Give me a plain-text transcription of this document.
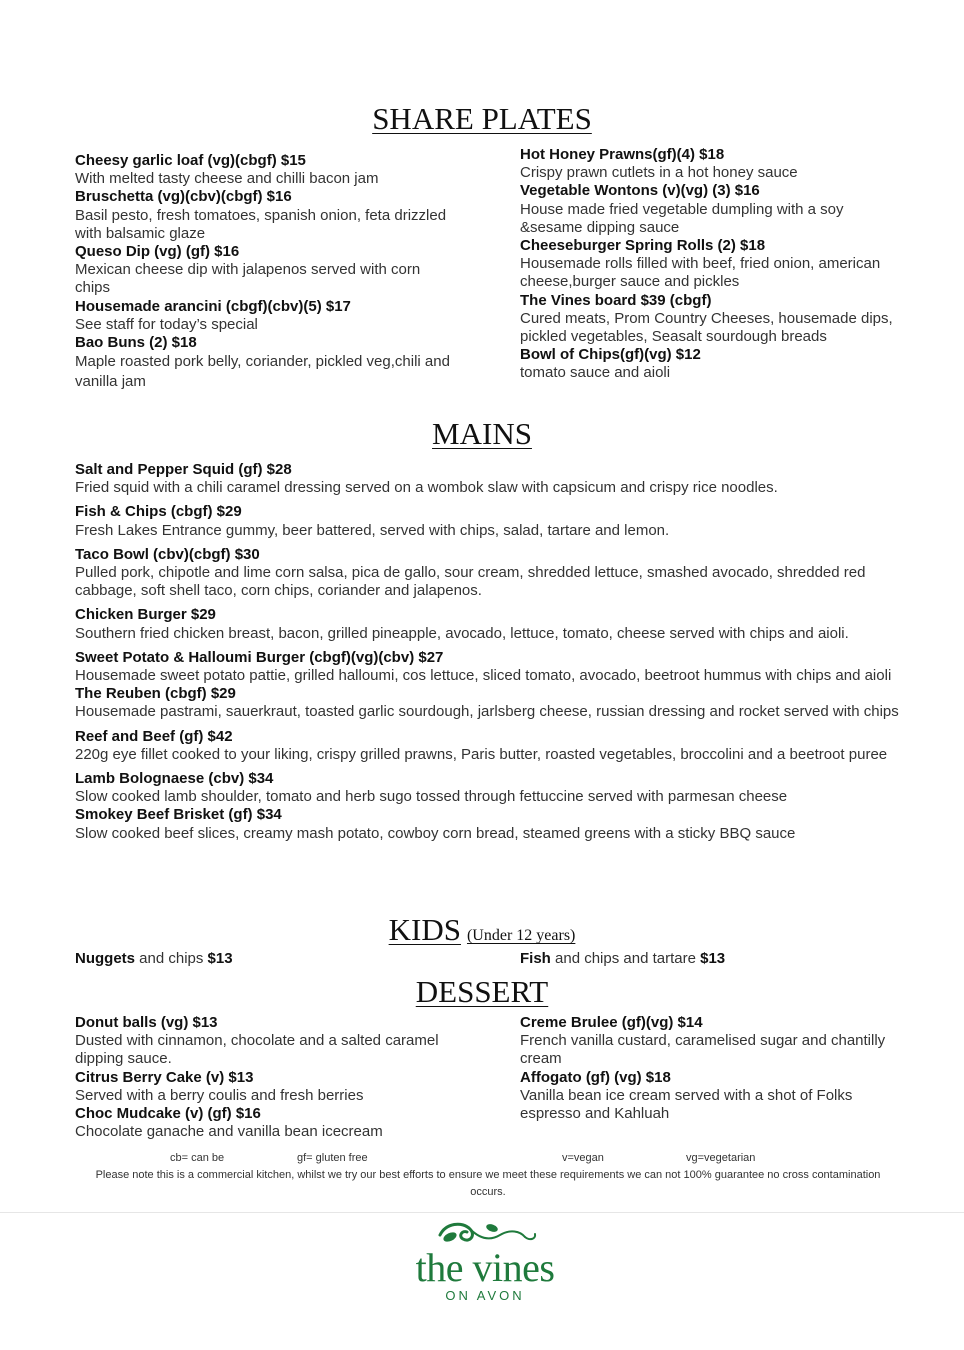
SHARE PLATES
Cheesy garlic loaf (vg)(cbgf) $15
With melted tasty cheese and chilli bacon jam
Bruschetta (vg)(cbv)(cbgf) $16
Basil pesto, fresh tomatoes, spanish onion, feta drizzled with balsamic glaze
Queso Dip (vg) (gf) $16
Mexican cheese dip with jalapenos served with corn chips
Housemade arancini (cbgf)(cbv)(5) $17
See staff for today’s special
Bao Buns (2) $18
Maple roasted pork belly, coriander, pickled veg,chili and vanilla jam
Hot Honey Prawns(gf)(4) $18
Crispy prawn cutlets in a hot honey sauce
Vegetable Wontons (v)(vg) (3) $16
House made fried vegetable dumpling with a soy &sesame dipping sauce
Cheeseburger Spring Rolls (2) $18
Housemade rolls filled with beef, fried onion, american cheese,burger sauce and pickles
The Vines board $39 (cbgf)
Cured meats, Prom Country Cheeses, housemade dips, pickled vegetables, Seasalt sourdough breads
Bowl of Chips(gf)(vg) $12
tomato sauce and aioli
MAINS
Salt and Pepper Squid (gf) $28
Fried squid with a chili caramel dressing served on a wombok slaw with capsicum and crispy rice noodles.
Fish & Chips (cbgf) $29
Fresh Lakes Entrance gummy, beer battered, served with chips, salad, tartare and lemon.
Taco Bowl (cbv)(cbgf) $30
Pulled pork, chipotle and lime corn salsa, pica de gallo, sour cream, shredded lettuce, smashed avocado, shredded red cabbage, soft shell taco, corn chips, coriander and jalapenos.
Chicken Burger $29
Southern fried chicken breast, bacon, grilled pineapple, avocado, lettuce, tomato, cheese served with chips and aioli.
Sweet Potato & Halloumi Burger (cbgf)(vg)(cbv) $27
Housemade sweet potato pattie, grilled halloumi, cos lettuce, sliced tomato, avocado, beetroot hummus with chips and aioli
The Reuben (cbgf) $29
Housemade pastrami, sauerkraut, toasted garlic sourdough, jarlsberg cheese, russian dressing and rocket served with chips
Reef and Beef (gf) $42
220g eye fillet cooked to your liking, crispy grilled prawns, Paris butter, roasted vegetables, broccolini and a beetroot puree
Lamb Bolognaese (cbv) $34
Slow cooked lamb shoulder, tomato and herb sugo tossed through fettuccine served with parmesan cheese
Smokey Beef Brisket (gf) $34
Slow cooked beef slices, creamy mash potato, cowboy corn bread, steamed greens with a sticky BBQ sauce
KIDS (Under 12 years)
Nuggets and chips $13	Fish and chips and tartare $13
DESSERT
Donut balls (vg) $13
Dusted with cinnamon, chocolate and a salted caramel dipping sauce.
Citrus Berry Cake (v) $13
Served with a berry coulis and fresh berries
Choc Mudcake (v) (gf) $16
Chocolate ganache and vanilla bean icecream
Creme Brulee (gf)(vg) $14
French vanilla custard, caramelised sugar and chantilly cream
Affogato (gf) (vg) $18
Vanilla bean ice cream served with a shot of Folks espresso and Kahluah
cb= can be	gf= gluten free	v=vegan	vg=vegetarian
Please note this is a commercial kitchen, whilst we try our best efforts to ensure we meet these requirements we can not 100% guarantee no cross contamination occurs.
the vines
ON AVON
